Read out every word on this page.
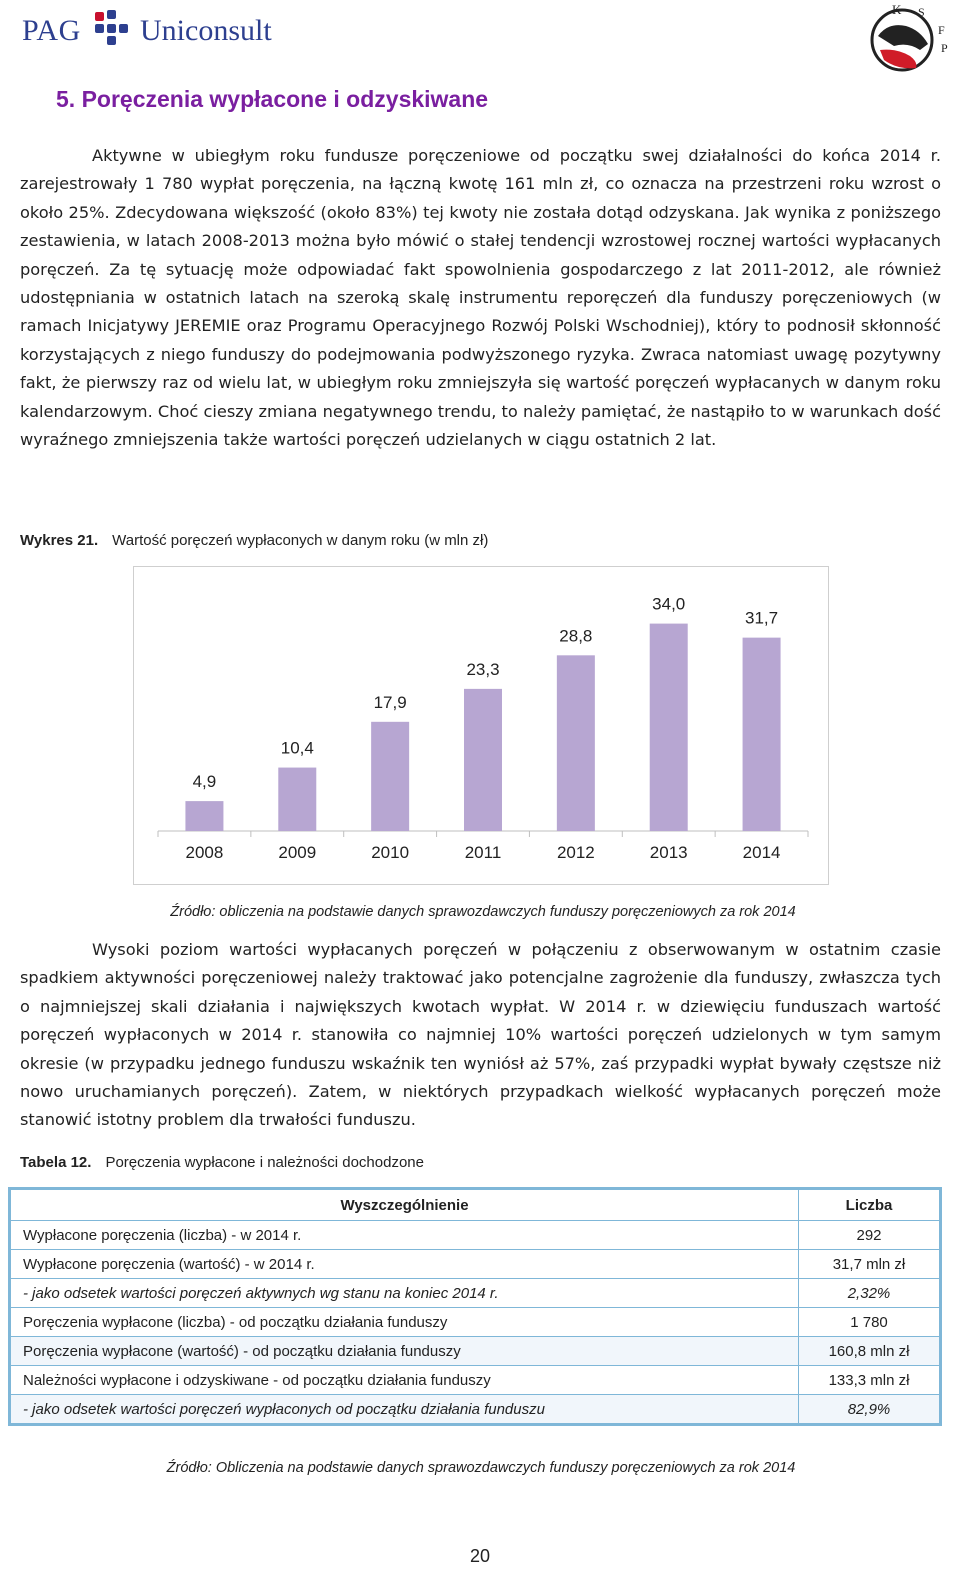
PAG Uniconsult
K S
F
P
5. Poręczenia wypłacone i odzyskiwane

Aktywne w ubiegłym roku fundusze poręczeniowe od początku swej działalności do końca 2014 r. zarejestrowały 1 780 wypłat poręczenia, na łączną kwotę 161 mln zł, co oznacza na przestrzeni roku wzrost o około 25%. Zdecydowana większość (około 83%) tej kwoty nie została dotąd odzyskana. Jak wynika z poniższego zestawienia, w latach 2008-2013 można było mówić o stałej tendencji wzrostowej rocznej wartości wypłacanych poręczeń. Za tę sytuację może odpowiadać fakt spowolnienia gospodarczego z lat 2011-2012, ale również udostępniania w ostatnich latach na szeroką skalę instrumentu reporęczeń dla funduszy poręczeniowych (w ramach Inicjatywy JEREMIE oraz Programu Operacyjnego Rozwój Polski Wschodniej), który to podnosił skłonność korzystających z niego funduszy do podejmowania podwyższonego ryzyka. Zwraca natomiast uwagę pozytywny fakt, że pierwszy raz od wielu lat, w ubiegłym roku zmniejszyła się wartość poręczeń wypłacanych w danym roku kalendarzowym. Choć cieszy zmiana negatywnego trendu, to należy pamiętać, że nastąpiło to w warunkach dość wyraźnego zmniejszenia także wartości poręczeń udzielanych w ciągu ostatnich 2 lat.

Wykres 21. Wartość poręczeń wypłaconych w danym roku (w mln zł)
4,9
2008
10,4
2009
17,9
2010
23,3
2011
28,8
2012
34,0
2013
31,7
2014
Źródło: obliczenia na podstawie danych sprawozdawczych funduszy poręczeniowych za rok 2014

Wysoki poziom wartości wypłacanych poręczeń w połączeniu z obserwowanym w ostatnim czasie spadkiem aktywności poręczeniowej należy traktować jako potencjalne zagrożenie dla funduszy, zwłaszcza tych o najmniejszej skali działania i największych kwotach wypłat. W 2014 r. w dziewięciu funduszach wartość poręczeń wypłaconych w 2014 r. stanowiła co najmniej 10% wartości poręczeń udzielonych w tym samym okresie (w przypadku jednego funduszu wskaźnik ten wyniósł aż 57%, zaś przypadki wypłat bywały częstsze niż nowo uruchamianych poręczeń). Zatem, w niektórych przypadkach wielkość wypłacanych poręczeń może stanowić istotny problem dla trwałości funduszu.

Tabela 12. Poręczenia wypłacone i należności dochodzone
Wyszczególnienie	Liczba
Wypłacone poręczenia (liczba) - w 2014 r.	292
Wypłacone poręczenia (wartość) - w 2014 r.	31,7 mln zł
- jako odsetek wartości poręczeń aktywnych wg stanu na koniec 2014 r.	2,32%
Poręczenia wypłacone (liczba) - od początku działania funduszy	1 780
Poręczenia wypłacone (wartość) - od początku działania funduszy	160,8 mln zł
Należności wypłacone i odzyskiwane - od początku działania funduszy	133,3 mln zł
- jako odsetek wartości poręczeń wypłaconych od początku działania funduszu	82,9%
Źródło: Obliczenia na podstawie danych sprawozdawczych funduszy poręczeniowych za rok 2014
20
